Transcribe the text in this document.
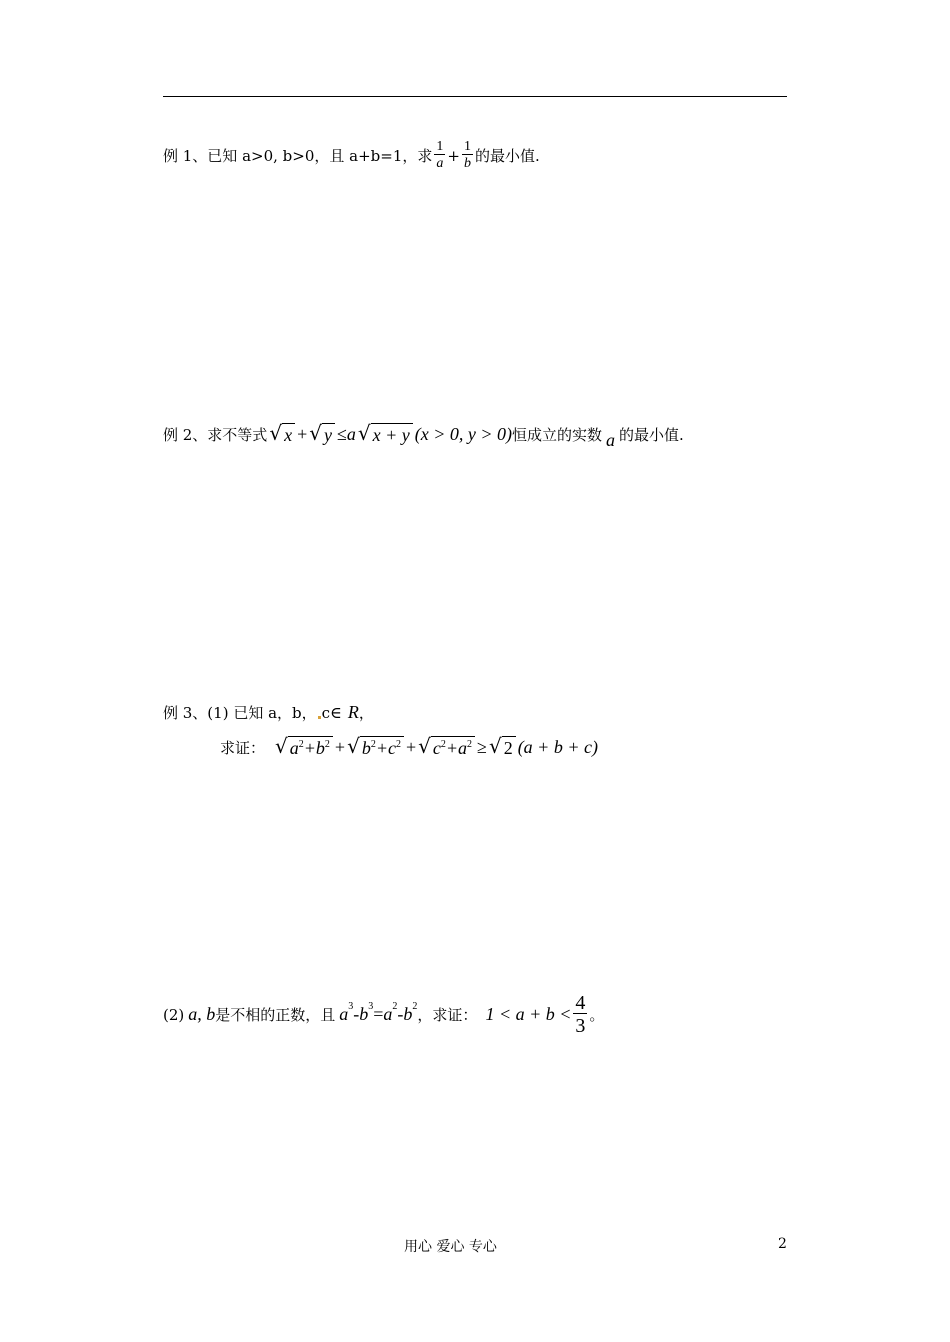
例 1、已知 a>0, b>0，且 a+b=1，求 $\frac{1}{a} + \frac{1}{b}$ 的最小值.
例 2、求不等式 √ x + √ y ≤ a √ x + y (x > 0, y > 0) 恒成立的实数 a 的最小值.
例 3、(1) 已知 a，b， c ∈ R ，
求证： √ a 2 + b 2 + √ b 2 + c 2 + √ c 2 + a 2 ≥ √ 2 (a + b + c)
(2) a, b 是不相的正数，且 $a^3 - b^3 = a^2 - b^2$ ，求证： $1 < a + b < \frac{4}{3}$ 。
用心 爱心 专心	2
